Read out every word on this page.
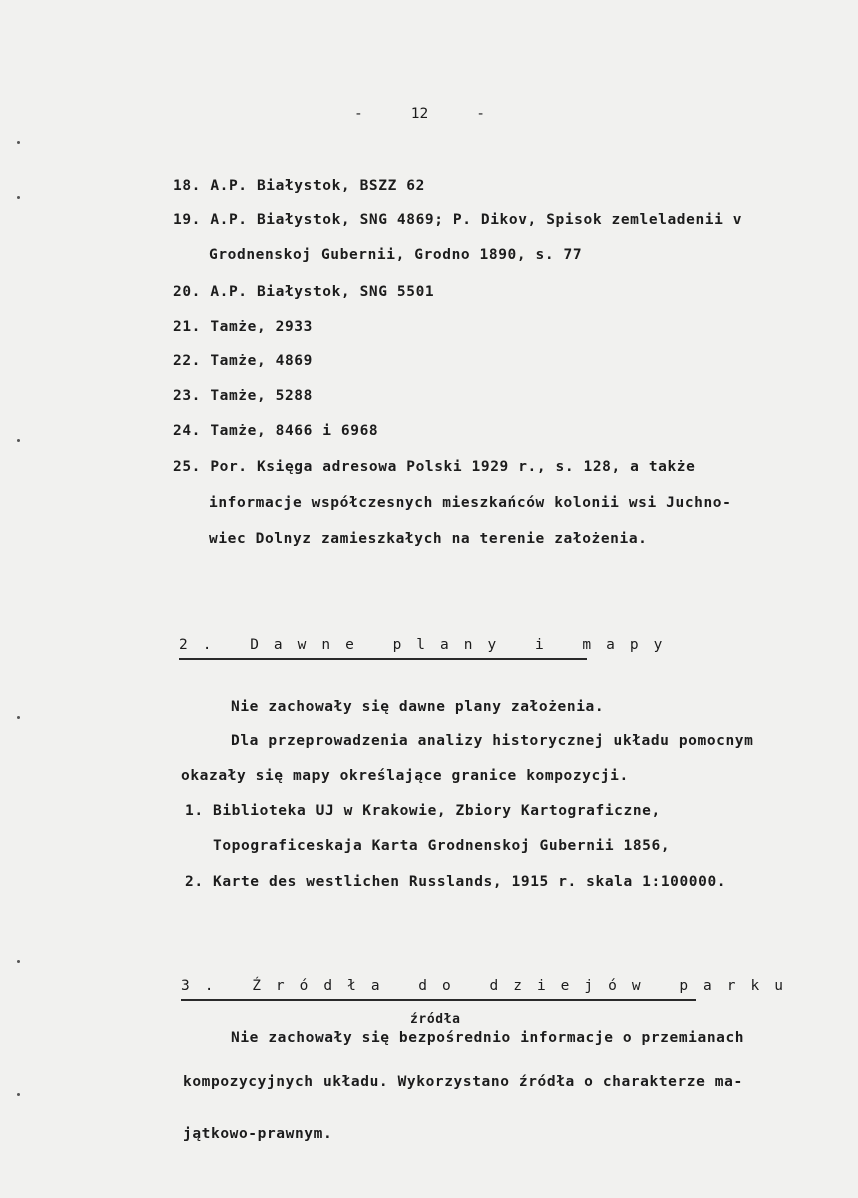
-	12	-
18. A.P. Białystok, BSZZ 62
19. A.P. Białystok, SNG 4869; P. Dikov, Spisok zemleladenii v
Grodnenskoj Gubernii, Grodno 1890, s. 77
20. A.P. Białystok, SNG 5501
21. Tamże, 2933
22. Tamże, 4869
23. Tamże, 5288
24. Tamże, 8466 i 6968
25. Por. Księga adresowa Polski 1929 r., s. 128, a także
informacje współczesnych mieszkańców kolonii wsi Juchno-
wiec Dolnyz zamieszkałych na terenie założenia.
2. Dawne plany i mapy
Nie zachowały się dawne plany założenia.
Dla przeprowadzenia analizy historycznej układu pomocnym
okazały się mapy określające granice kompozycji.
1. Biblioteka UJ w Krakowie, Zbiory Kartograficzne,
Topograficeskaja Karta Grodnenskoj Gubernii 1856,
2. Karte des westlichen Russlands, 1915 r. skala 1:100000.
3. Źródła do dziejów parku
źródła
Nie zachowały się bezpośrednio informacje o przemianach
kompozycyjnych układu. Wykorzystano źródła o charakterze ma-
jątkowo-prawnym.
